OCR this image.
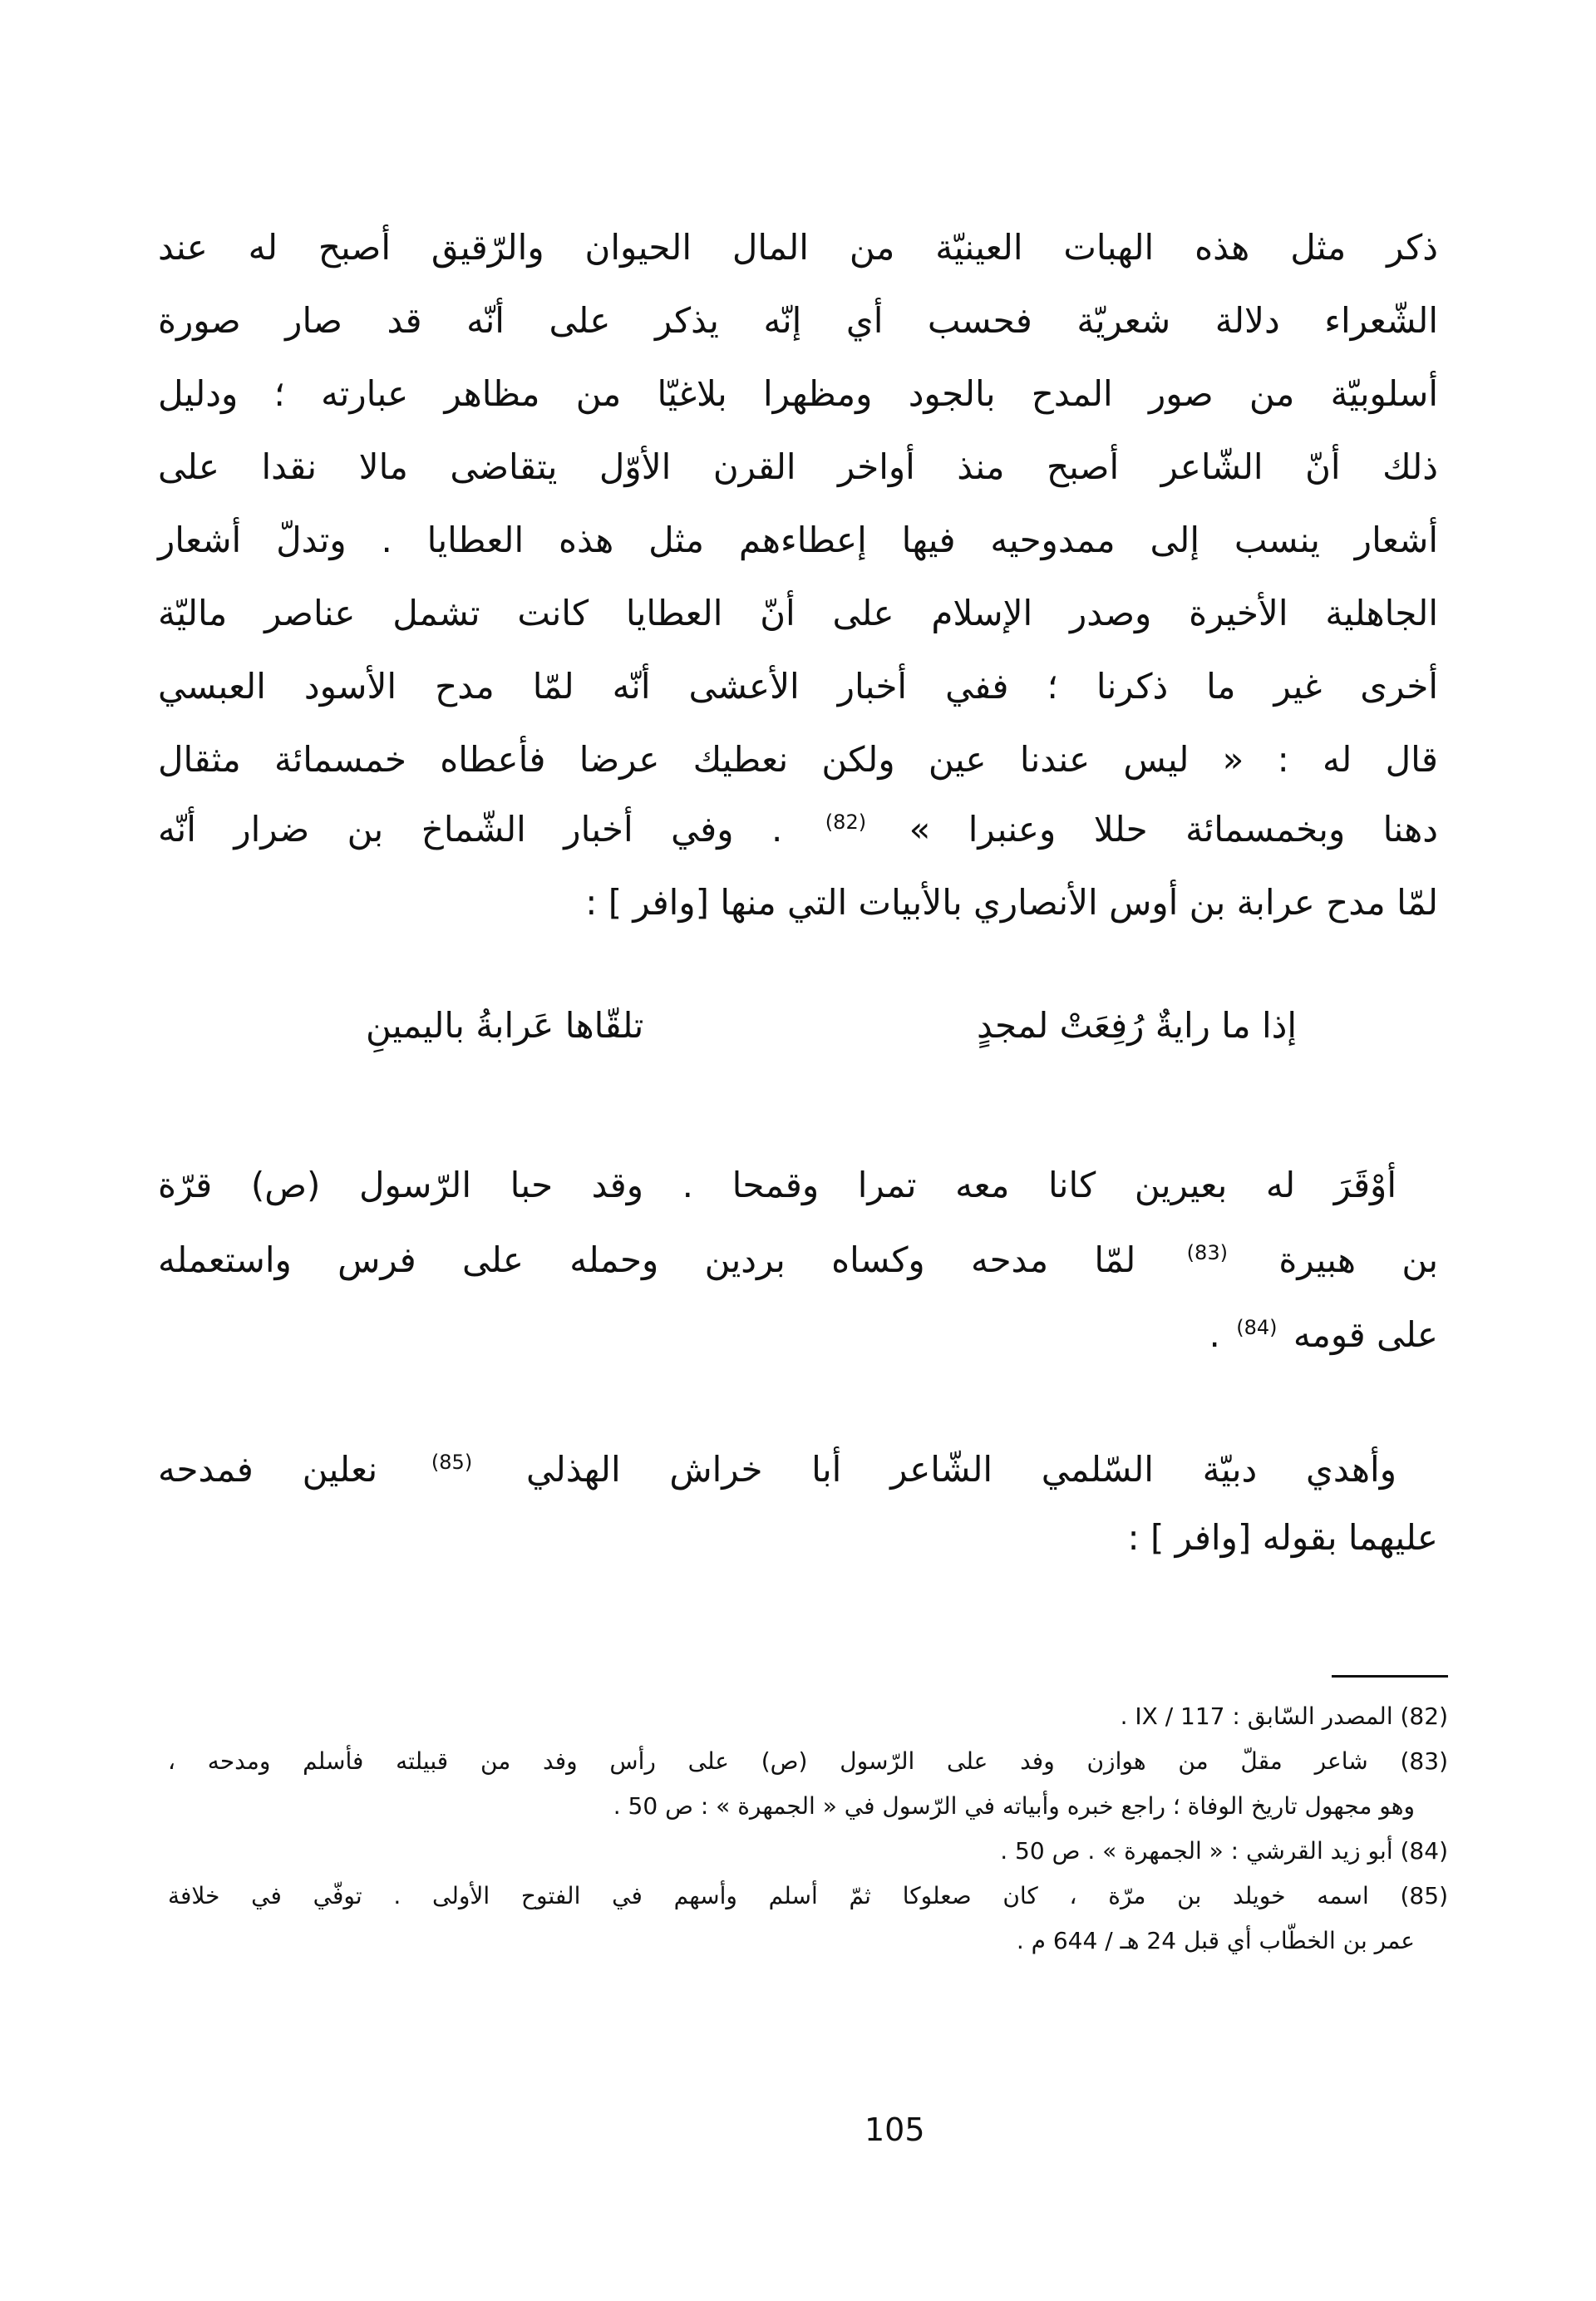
ذكر مثل هذه الهبات العينيّة من المال الحيوان والرّقيق أصبح له عند
الشّعراء دلالة شعريّة فحسب أي إنّه يذكر على أنّه قد صار صورة
أسلوبيّة من صور المدح بالجود ومظهرا بلاغيّا من مظاهر عبارته ؛ ودليل
ذلك أنّ الشّاعر أصبح منذ أواخر القرن الأوّل يتقاضى مالا نقدا على
أشعار ينسب إلى ممدوحيه فيها إعطاءهم مثل هذه العطايا . وتدلّ أشعار
الجاهلية الأخيرة وصدر الإسلام على أنّ العطايا كانت تشمل عناصر ماليّة
أخرى غير ما ذكرنا ؛ ففي أخبار الأعشى أنّه لمّا مدح الأسود العبسي
قال له : « ليس عندنا عين ولكن نعطيك عرضا فأعطاه خمسمائة مثقال
دهنا وبخمسمائة حللا وعنبرا » $^{(82)}$ . وفي أخبار الشّماخ بن ضرار أنّه
لمّا مدح عرابة بن أوس الأنصاري بالأبيات التي منها [وافر ] :
إذا ما رايةٌ رُفِعَتْ لمجدٍ
تلقّاها عَرابةُ باليمينِ
أوْقَرَ له بعيرين كانا معه تمرا وقمحا . وقد حبا الرّسول (ص) قرّة
بن هبيرة $^{(83)}$ لمّا مدحه وكساه بردين وحمله على فرس واستعمله
على قومه $^{(84)}$ .
وأهدي دبيّة السّلمي الشّاعر أبا خراش الهذلي $^{(85)}$ نعلين فمدحه
عليهما بقوله [وافر ] :
(82) المصدر السّابق : IX / 117 .
(83) شاعر مقلّ من هوازن وفد على الرّسول (ص) على رأس وفد من قبيلته فأسلم ومدحه ،
وهو مجهول تاريخ الوفاة ؛ راجع خبره وأبياته في الرّسول في « الجمهرة » : ص 50 .
(84) أبو زيد القرشي : « الجمهرة » . ص 50 .
(85) اسمه خويلد بن مرّة ، كان صعلوكا ثمّ أسلم وأسهم في الفتوح الأولى . توفّي في خلافة
عمر بن الخطّاب أي قبل 24 هـ / 644 م .
105
